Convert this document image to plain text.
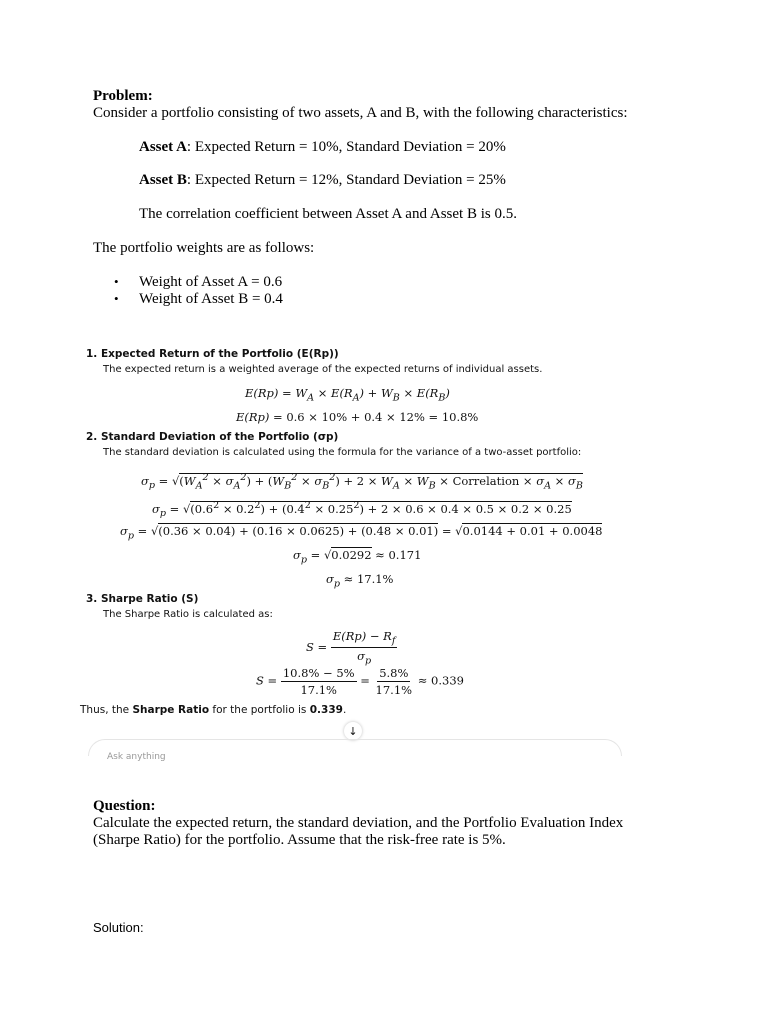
Problem:
Consider a portfolio consisting of two assets, A and B, with the following characteristics:
Asset A: Expected Return = 10%, Standard Deviation = 20%
Asset B: Expected Return = 12%, Standard Deviation = 25%
The correlation coefficient between Asset A and Asset B is 0.5.
The portfolio weights are as follows:
• Weight of Asset A = 0.6
• Weight of Asset B = 0.4
1. Expected Return of the Portfolio (E(Rp))
The expected return is a weighted average of the expected returns of individual assets.
$E(Rp) = W_A \times E(R_A) + W_B \times E(R_B)$
E(Rp) = 0.6 × 10% + 0.4 × 12% = 10.8%
2. Standard Deviation of the Portfolio (σp)
The standard deviation is calculated using the formula for the variance of a two-asset portfolio:
$\sigma_p = √(W_A^2 \times \sigma_A^2) + (W_B^2 \times \sigma_B^2) + 2 \times W_A \times W_B$ × Correlation × $\sigma_A \times \sigma_B$
$\sigma_p = √(0.6^2 \times 0.2^2) + (0.4^2 \times 0.25^2) + 2 \times 0.6 \times 0.4 \times 0.5 \times 0.2 \times 0.25$
$\sigma_p = √(0.36 \times 0.04) + (0.16 \times 0.0625) + (0.48 \times 0.01) = √0.0144 + 0.01 + 0.0048$
$\sigma_p = √0.0292 \approx 0.171$
$\sigma_p \approx 17.1\%$
3. Sharpe Ratio (S)
The Sharpe Ratio is calculated as:
$S = \frac{E(Rp) - R_f}{\sigma_p}$
$S = \frac{10.8\% - 5\%}{17.1\%} = \frac{5.8\%}{17.1\%} \approx 0.339$
Thus, the Sharpe Ratio for the portfolio is 0.339.
↓
Ask anything
Question:
Calculate the expected return, the standard deviation, and the Portfolio Evaluation Index
(Sharpe Ratio) for the portfolio. Assume that the risk-free rate is 5%.
Solution:
